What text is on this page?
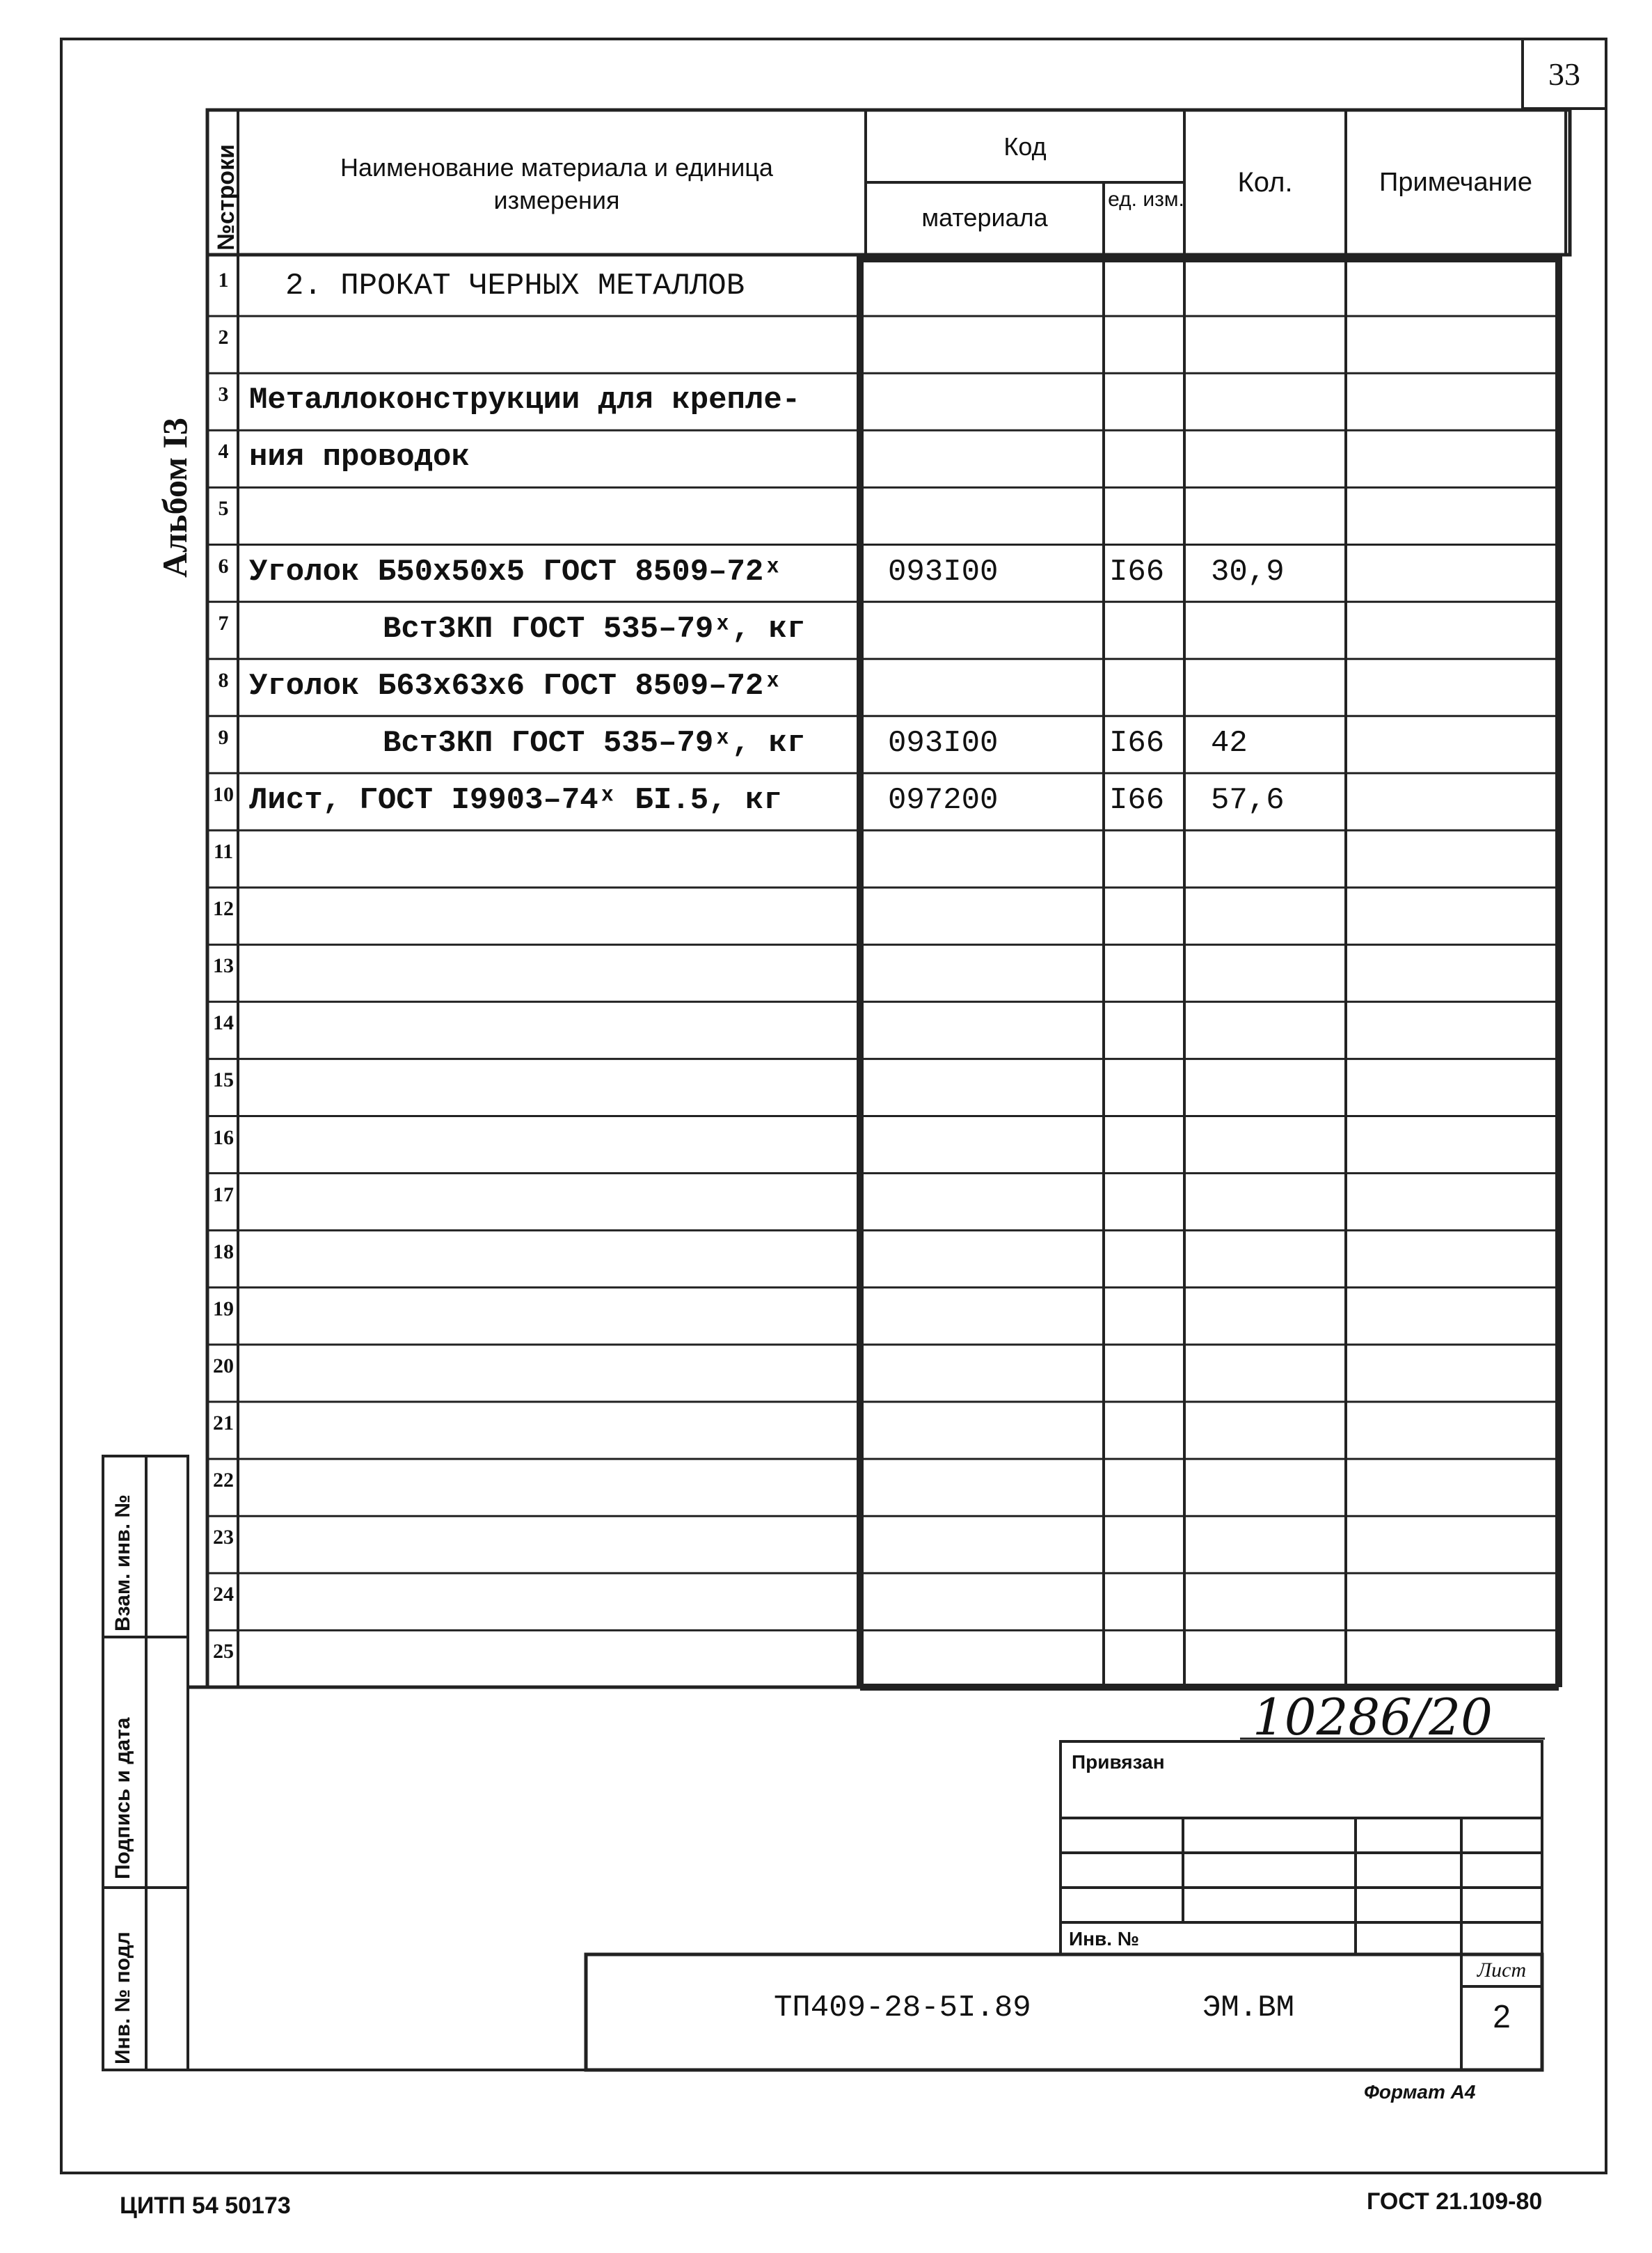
33
Альбом I3
10286/20
№строки	Наименование материала и единица измерения
Код
материала
ед. изм.
Кол.	Примечание
1	2. ПРОКАТ ЧЕРНЫХ МЕТАЛЛОВ
2
3 Металлоконструкции для крепле-
4 ния проводок
5
6 Уголок Б50х50х5 ГОСТ 8509–72ˣ	093I00	I66 30,9
7	Вст3КП ГОСТ 535–79ˣ, кг
8 Уголок Б63х63х6 ГОСТ 8509–72ˣ
9	Вст3КП ГОСТ 535–79ˣ, кг	093I00	I66 42
10 Лист, ГОСТ I9903–74ˣ БI.5, кг	097200	I66 57,6
11
12
13
14
15
16
17
18
19
20
21
22
23
24
25
Взам. инв. №
Подпись и дата
Инв. № подл
Привязан
Инв. №
ТП409-28-5I.89	ЭМ.ВМ
Лист
2
Формат А4
ЦИТП 54 50173	ГОСТ 21.109-80
